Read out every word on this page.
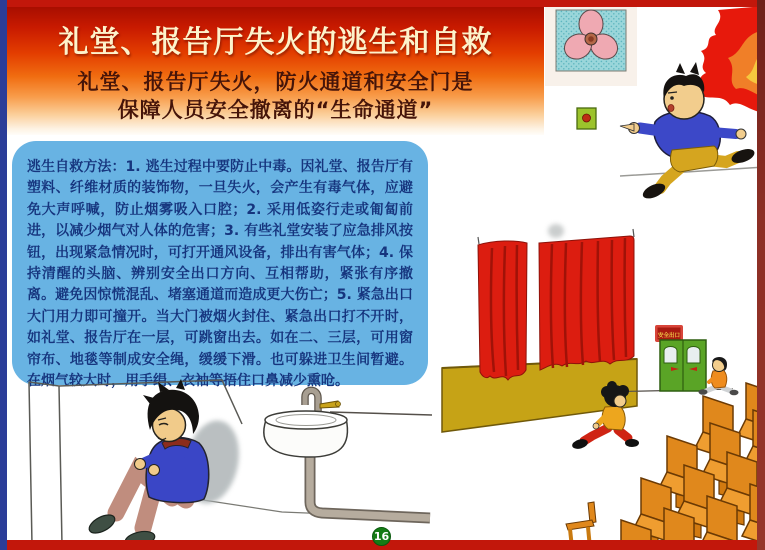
礼堂、报告厅失火的逃生和自救
礼堂、报告厅失火，防火通道和安全门是
保障人员安全撤离的“生命通道”

逃生自救方法：1. 逃生过程中要防止中毒。因礼堂、报告厅有塑料、纤维材质的装饰物，一旦失火，会产生有毒气体，应避免大声呼喊，防止烟雾吸入口腔；2. 采用低姿行走或匍匐前进，以减少烟气对人体的危害；3. 有些礼堂安装了应急排风按钮，出现紧急情况时，可打开通风设备，排出有害气体；4. 保持清醒的头脑、辨别安全出口方向、互相帮助，紧张有序撤离。避免因惊慌混乱、堵塞通道而造成更大伤亡；5. 紧急出口大门用力即可撞开。当大门被烟火封住、紧急出口打不开时，如礼堂、报告厅在一层，可跳窗出去。如在二、三层，可用窗帘布、地毯等制成安全绳，缓缓下滑。也可躲进卫生间暂避。在烟气较大时，用手绢、衣袖等捂住口鼻减少熏呛。

安全出口
16
